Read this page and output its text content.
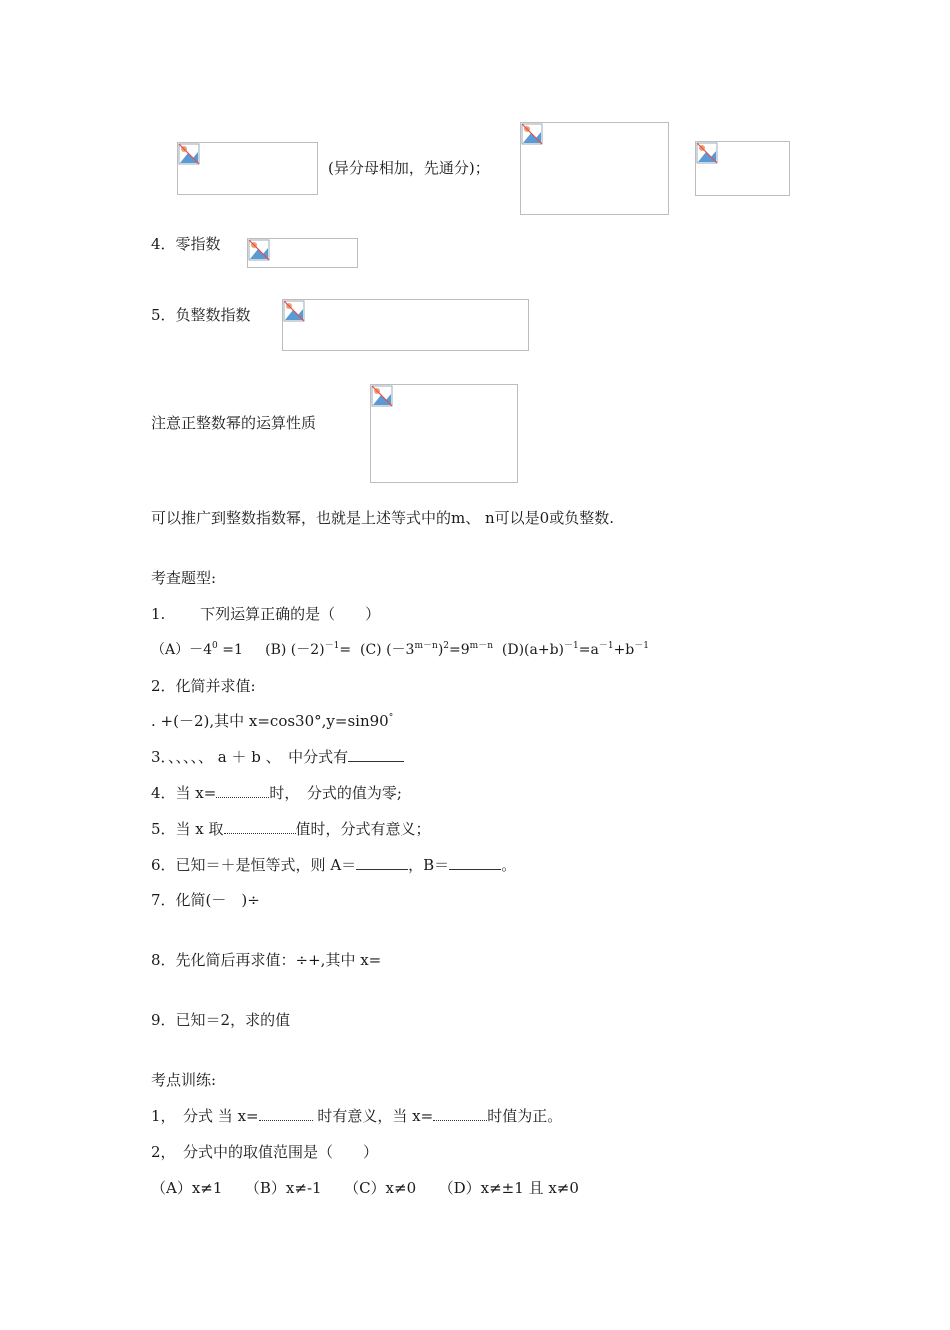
(异分母相加，先通分)；
4．零指数
5．负整数指数
注意正整数幂的运算性质
可以推广到整数指数幂，也就是上述等式中的m、 n可以是0或负整数.
考查题型:
1.　　 下列运算正确的是（　　）
$(A)-4^0 =1$ (B) $(-2)^{-1}= (C)$ $(-3^{m-n})^2=9^{m-n}$ $(D)(a+b)^{-1}=a^{-1}+b^{-1}$
2．化简并求值:
. +(－2),其中 x=cos30°,y=sin90°
3．、、、、、 a ＋ b 、　中分式有
4．当 x=	时，　分式的值为零;
5．当 x 取	值时，分式有意义；
6．已知＝＋是恒等式，则 A＝	，B＝	。
7．化简(－　)÷
8．先化简后再求值：÷+,其中 x=
9．已知＝2，求的值
考点训练:
1，　分式 当 x=	时有意义，当 x=	时值为正。
2，　分式中的取值范围是（　　）
（A）x≠1　　（B）x≠-1　　（C）x≠0　　（D）x≠±1 且 x≠0
